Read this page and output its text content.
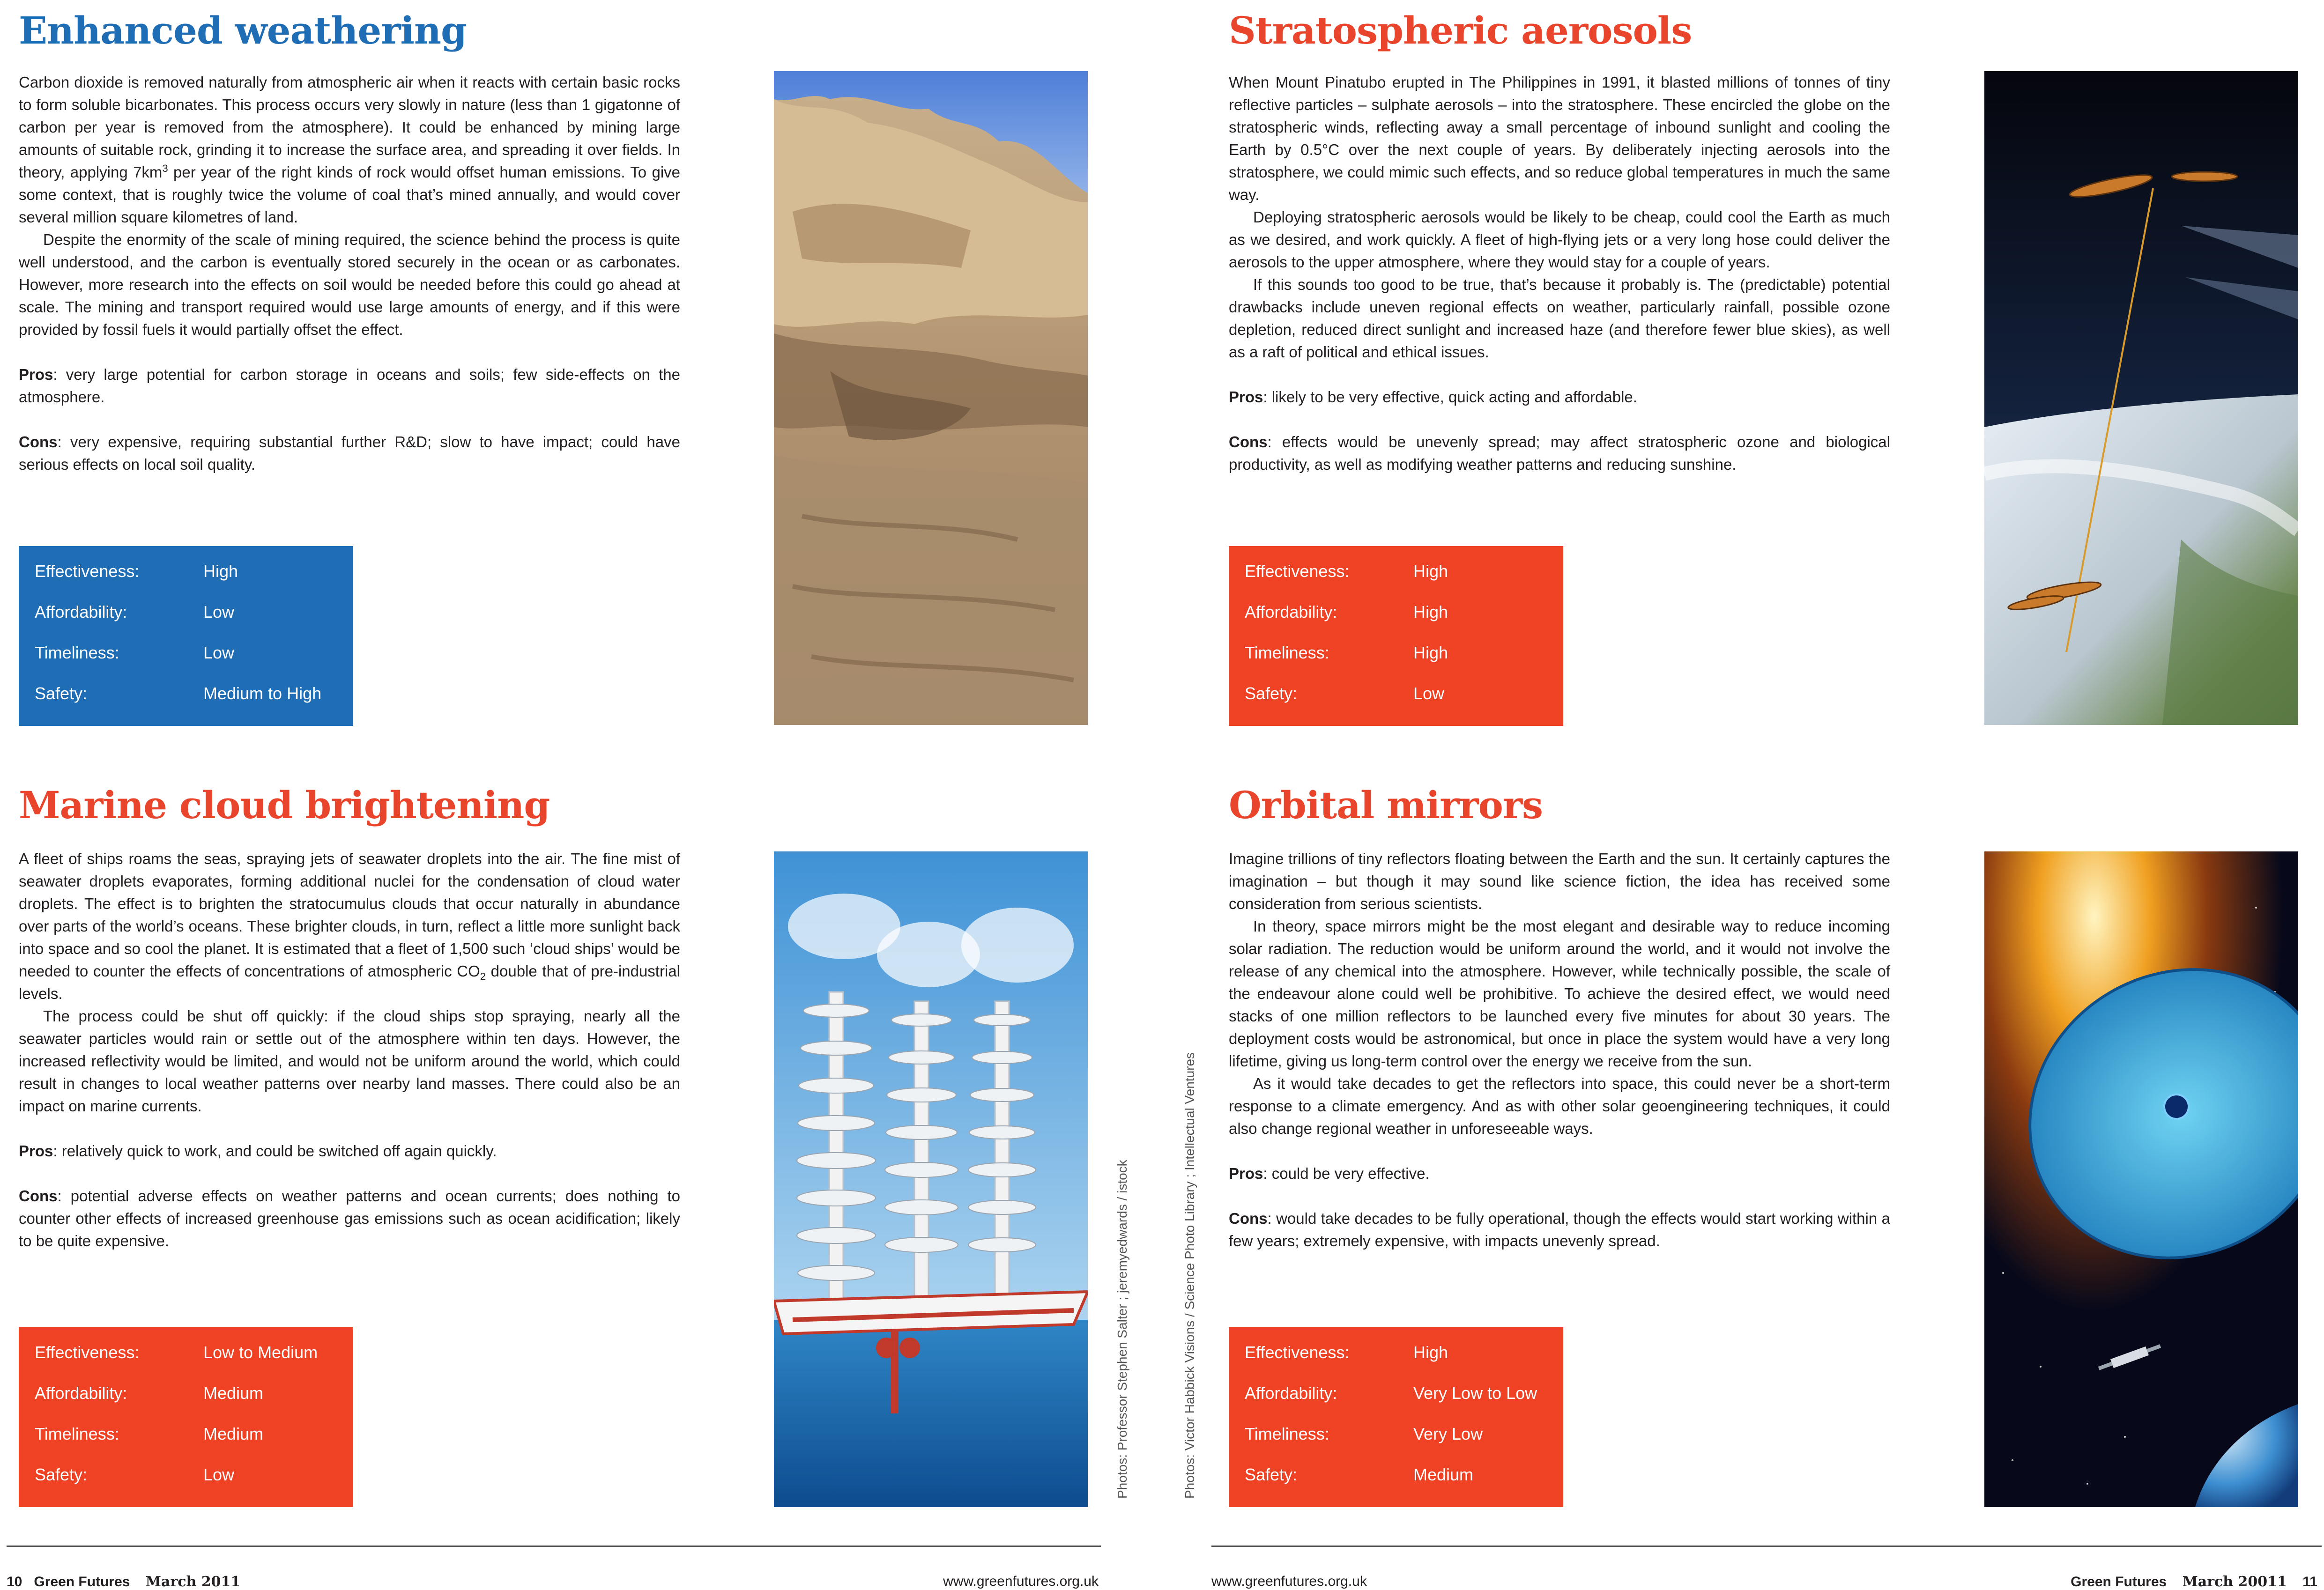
Enhanced weathering

Carbon dioxide is removed naturally from atmospheric air when it reacts with certain basic rocks to form soluble bicarbonates. This process occurs very slowly in nature (less than 1 gigatonne of carbon per year is removed from the atmosphere). It could be enhanced by mining large amounts of suitable rock, grinding it to increase the surface area, and spreading it over fields. In theory, applying $7km^3$ per year of the right kinds of rock would offset human emissions. To give some context, that is roughly twice the volume of coal that’s mined annually, and would cover several million square kilometres of land.

Despite the enormity of the scale of mining required, the science behind the process is quite well understood, and the carbon is eventually stored securely in the ocean or as carbonates. However, more research into the effects on soil would be needed before this could go ahead at scale. The mining and transport required would use large amounts of energy, and if this were provided by fossil fuels it would partially offset the effect.

Pros: very large potential for carbon storage in oceans and soils; few side-effects on the atmosphere.

Cons: very expensive, requiring substantial further R&D; slow to have impact; could have serious effects on local soil quality.

Effectiveness:	High
Affordability:	Low
Timeliness:	Low
Safety:	Medium to High
Marine cloud brightening

A fleet of ships roams the seas, spraying jets of seawater droplets into the air. The fine mist of seawater droplets evaporates, forming additional nuclei for the condensation of cloud water droplets. The effect is to brighten the stratocumulus clouds that occur naturally in abundance over parts of the world’s oceans. These brighter clouds, in turn, reflect a little more sunlight back into space and so cool the planet. It is estimated that a fleet of 1,500 such ‘cloud ships’ would be needed to counter the effects of concentrations of atmospheric $CO_2$ double that of pre-industrial levels.

The process could be shut off quickly: if the cloud ships stop spraying, nearly all the seawater particles would rain or settle out of the atmosphere within ten days. However, the increased reflectivity would be limited, and would not be uniform around the world, which could result in changes to local weather patterns over nearby land masses. There could also be an impact on marine currents.

Pros: relatively quick to work, and could be switched off again quickly.

Cons: potential adverse effects on weather patterns and ocean currents; does nothing to counter other effects of increased greenhouse gas emissions such as ocean acidification; likely to be quite expensive.

Effectiveness:	Low to Medium
Affordability:	Medium
Timeliness:	Medium
Safety:	Low	Photos: Professor Stephen Salter ; jeremyedwards / istock	Photos: Victor Habbick Visions / Science Photo Library ; Intellectual Ventures
10 Green Futures March 2011	www.greenfutures.org.uk
Stratospheric aerosols

When Mount Pinatubo erupted in The Philippines in 1991, it blasted millions of tonnes of tiny reflective particles – sulphate aerosols – into the stratosphere. These encircled the globe on the stratospheric winds, reflecting away a small percentage of inbound sunlight and cooling the Earth by 0.5°C over the next couple of years. By deliberately injecting aerosols into the stratosphere, we could mimic such effects, and so reduce global temperatures in much the same way.

Deploying stratospheric aerosols would be likely to be cheap, could cool the Earth as much as we desired, and work quickly. A fleet of high-flying jets or a very long hose could deliver the aerosols to the upper atmosphere, where they would stay for a couple of years.

If this sounds too good to be true, that’s because it probably is. The (predictable) potential drawbacks include uneven regional effects on weather, particularly rainfall, possible ozone depletion, reduced direct sunlight and increased haze (and therefore fewer blue skies), as well as a raft of political and ethical issues.

Pros: likely to be very effective, quick acting and affordable.

Cons: effects would be unevenly spread; may affect stratospheric ozone and biological productivity, as well as modifying weather patterns and reducing sunshine.

Effectiveness:	High
Affordability:	High
Timeliness:	High
Safety:	Low
Orbital mirrors

Imagine trillions of tiny reflectors floating between the Earth and the sun. It certainly captures the imagination – but though it may sound like science fiction, the idea has received some consideration from serious scientists.

In theory, space mirrors might be the most elegant and desirable way to reduce incoming solar radiation. The reduction would be uniform around the world, and it would not involve the release of any chemical into the atmosphere. However, while technically possible, the scale of the endeavour alone could well be prohibitive. To achieve the desired effect, we would need stacks of one million reflectors to be launched every five minutes for about 30 years. The deployment costs would be astronomical, but once in place the system would have a very long lifetime, giving us long-term control over the energy we receive from the sun.

As it would take decades to get the reflectors into space, this could never be a short-term response to a climate emergency. And as with other solar geoengineering techniques, it could also change regional weather in unforeseeable ways.

Pros: could be very effective.

Cons: would take decades to be fully operational, though the effects would start working within a few years; extremely expensive, with impacts unevenly spread.

Effectiveness:	High
Affordability:	Very Low to Low
Timeliness:	Very Low
Safety:	Medium
www.greenfutures.org.uk	Green Futures March 20011 11
